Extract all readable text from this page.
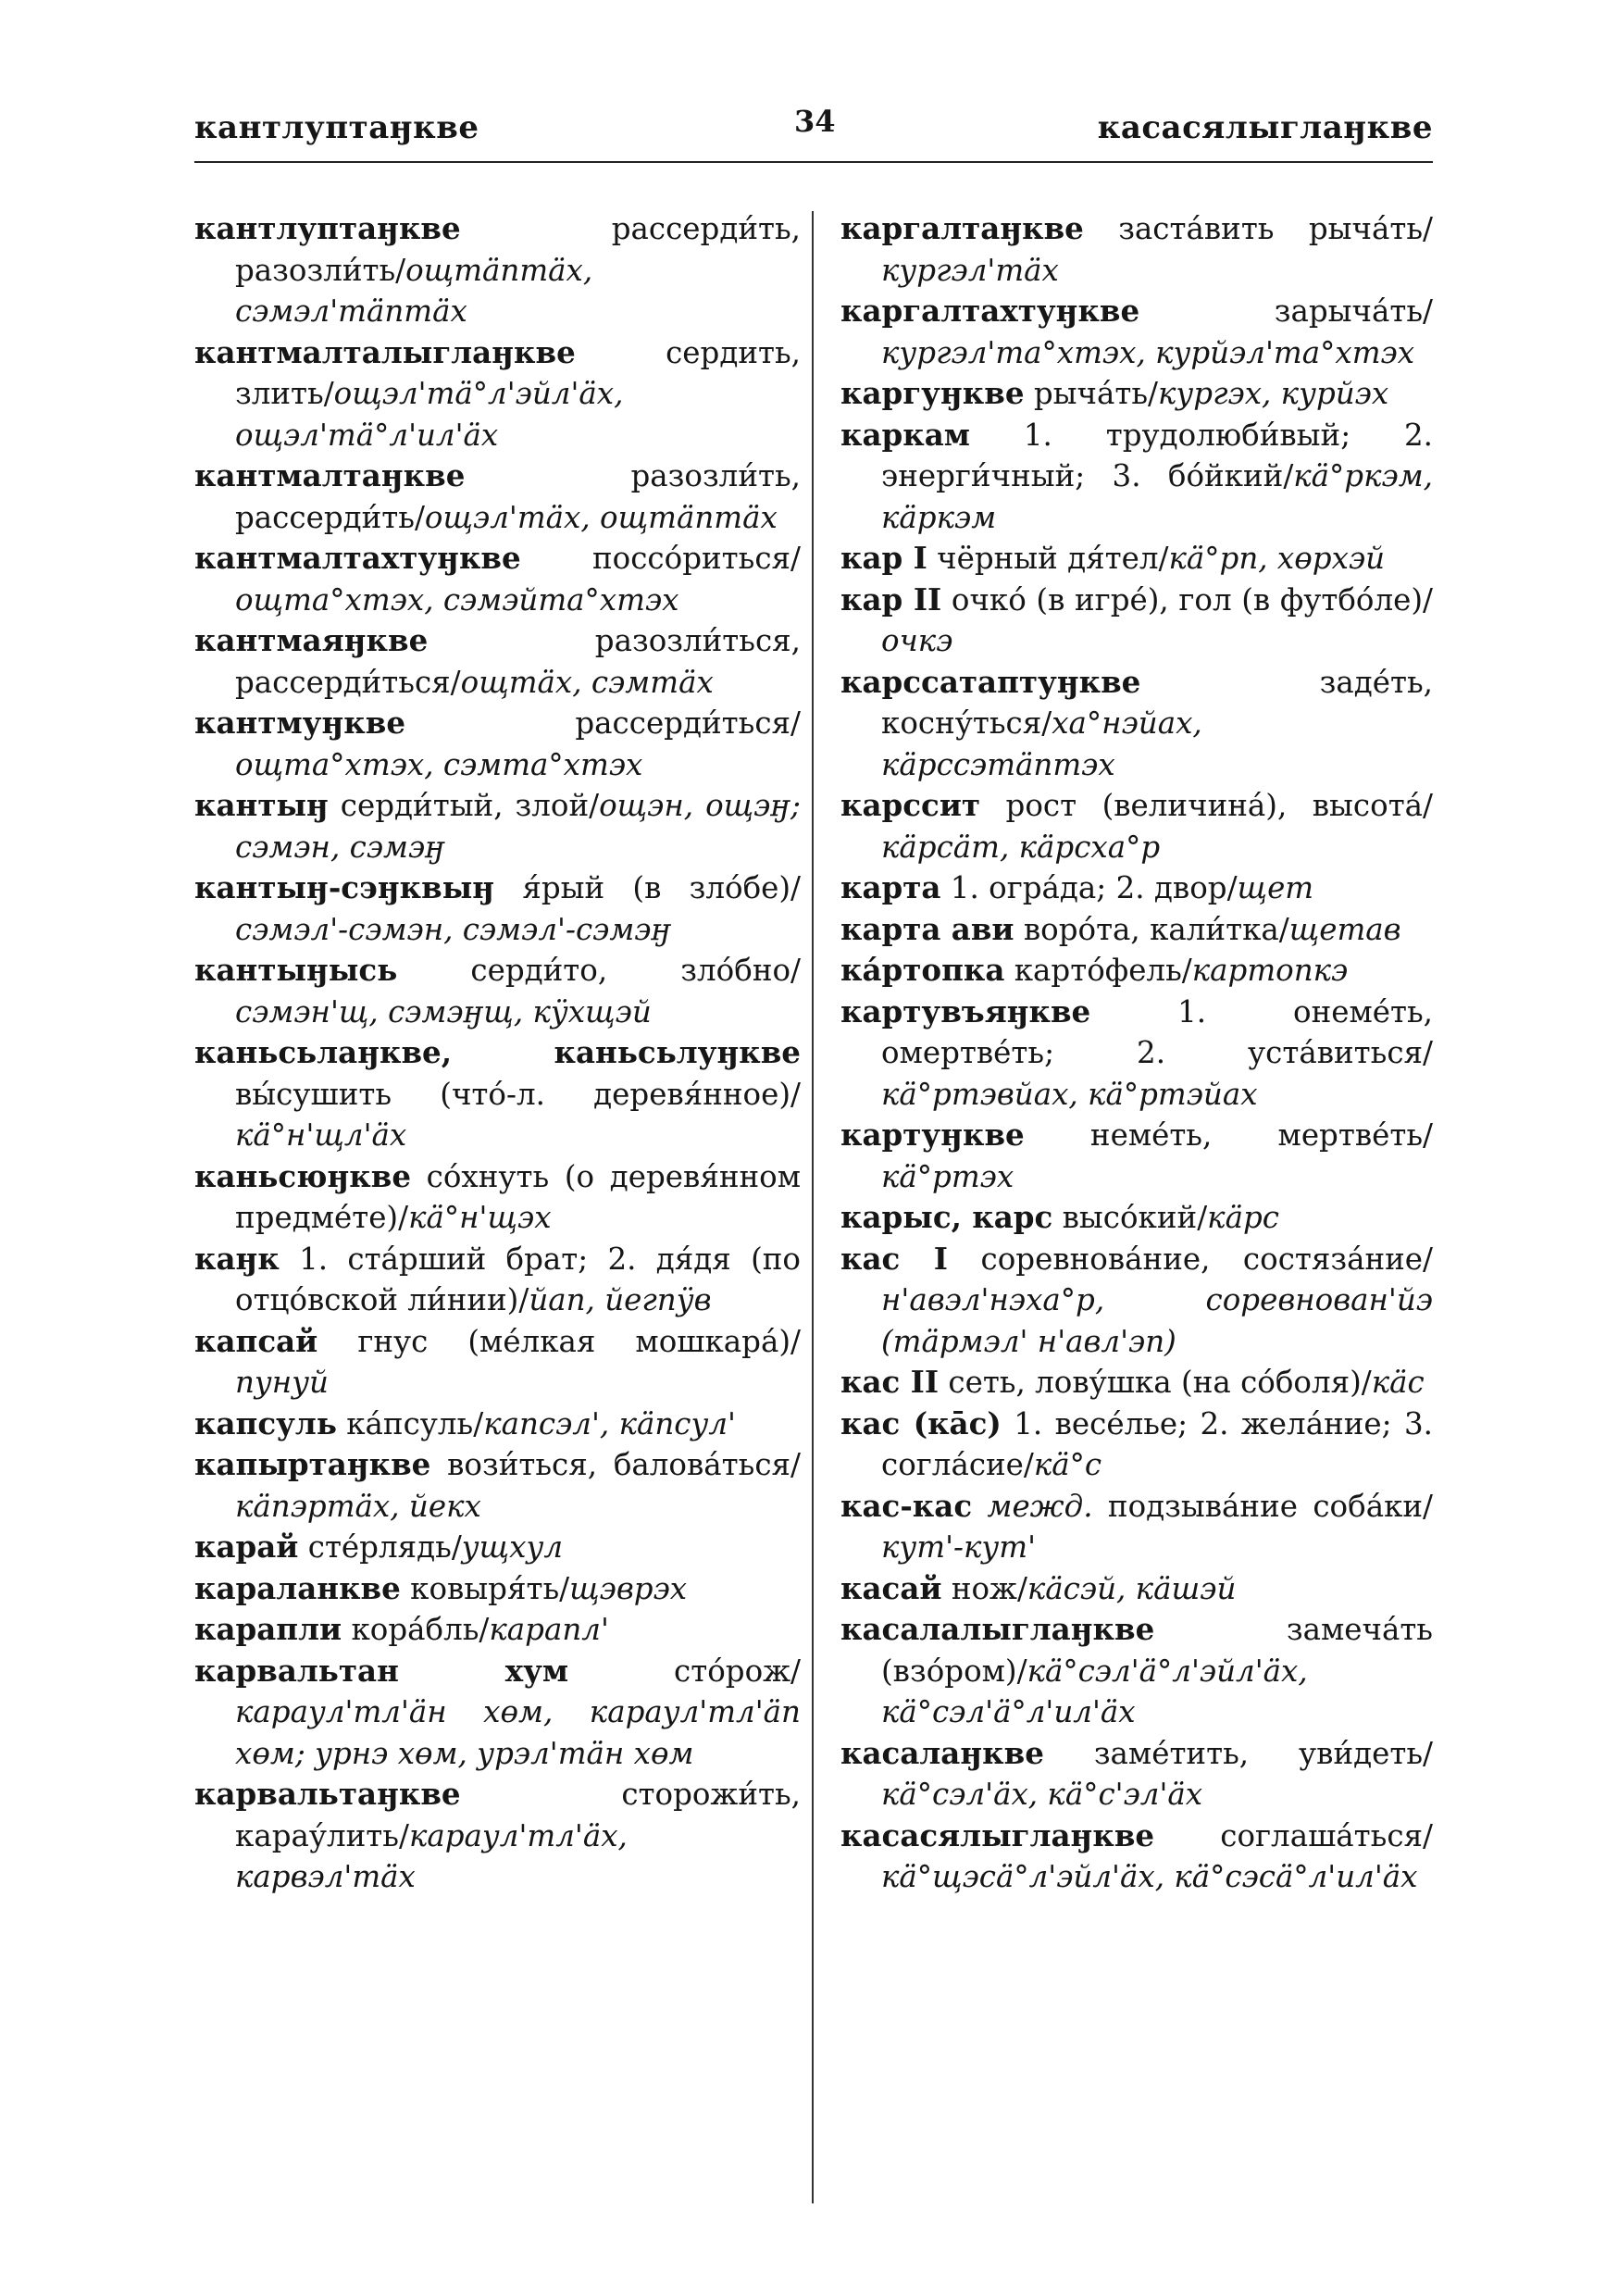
кантлуптаӈкве	34	касасялыглаӈкве

кантлуптаӈкве рассерди́ть, разозли́ть/ощтäптäх, сэмэл'тäптäх

кантмалталыглаӈкве сердить, злить/ощэл'тä°л'эйл'äх, ощэл'тä°л'ил'äх

кантмалтаӈкве разозли́ть, рассерди́ть/ощэл'тäх, ощтäптäх

кантмалтахтуӈкве поссо́риться/ощта°хтэх, сэмэйта°хтэх

кантмаяӈкве разозли́ться, рассерди́ться/ощтäх, сэмтäх

кантмуӈкве рассерди́ться/ощта°хтэх, сэмта°хтэх

кантыӈ серди́тый, злой/ощэн, ощэӈ; сэмэн, сэмэӈ

кантыӈ-сэӈквыӈ я́рый (в зло́бе)/сэмэл'-сэмэн, сэмэл'-сэмэӈ

кантыӈысь серди́то, зло́бно/сэмэн'щ, сэмэӈщ, кӱхщэй

каньсьлаӈкве, каньсьлуӈкве вы́сушить (что́-л. деревя́нное)/кä°н'щл'äх

каньсюӈкве со́хнуть (о деревя́нном предме́те)/кä°н'щэх

каӈк 1. ста́рший брат; 2. дя́дя (по отцо́вской ли́нии)/йап, йегпӱв

капсай гнус (ме́лкая мошкара́)/пунуй

капсуль ка́псуль/капсэл', кäпсул'

капыртаӈкве вози́ться, балова́ться/кäпэртäх, йекх

карай сте́рлядь/ущхул

караланкве ковыря́ть/щэврэх

карапли кора́бль/карапл'

карвальтан хум сто́рож/караул'тл'äн хөм, караул'тл'äп хөм; урнэ хөм, урэл'тäн хөм

карвальтаӈкве сторожи́ть, карау́лить/караул'тл'äх, карвэл'тäх

каргалтаӈкве заста́вить рыча́ть/кургэл'тäх

каргалтахтуӈкве зарыча́ть/кургэл'та°хтэх, курйэл'та°хтэх

каргуӈкве рыча́ть/кургэх, курйэх

каркам 1. трудолюби́вый; 2. энерги́чный; 3. бо́йкий/кä°ркэм, кäркэм

кар I чёрный дя́тел/кä°рп, хөрхэй

кар II очко́ (в игре́), гол (в футбо́ле)/очкэ

карссатаптуӈкве заде́ть, косну́ться/ха°нэйах, кäрссэтäптэх

карссит рост (величина́), высота́/кäрсäт, кäрсха°р

карта 1. огра́да; 2. двор/щет

карта ави воро́та, кали́тка/щетав

ка́ртопка карто́фель/картопкэ

картувъяӈкве 1. онеме́ть, омертве́ть; 2. уста́виться/кä°ртэвйах, кä°ртэйах

картуӈкве неме́ть, мертве́ть/кä°ртэх

карыс, карс высо́кий/кäрс

кас I соревнова́ние, состяза́ние/н'авэл'нэха°р, соревнован'йэ (тäрмэл' н'авл'эп)

кас II сеть, лову́шка (на со́боля)/кäс

кас (ка̄с) 1. весе́лье; 2. жела́ние; 3. согла́сие/кä°с

кас-кас межд. подзыва́ние соба́ки/кут'-кут'

касай нож/кäсэй, кäшэй

касалалыглаӈкве замеча́ть (взо́ром)/кä°сэл'ä°л'эйл'äх, кä°сэл'ä°л'ил'äх

касалаӈкве заме́тить, уви́деть/кä°сэл'äх, кä°с'эл'äх

касасялыглаӈкве соглаша́ться/кä°щэсä°л'эйл'äх, кä°сэсä°л'ил'äх
